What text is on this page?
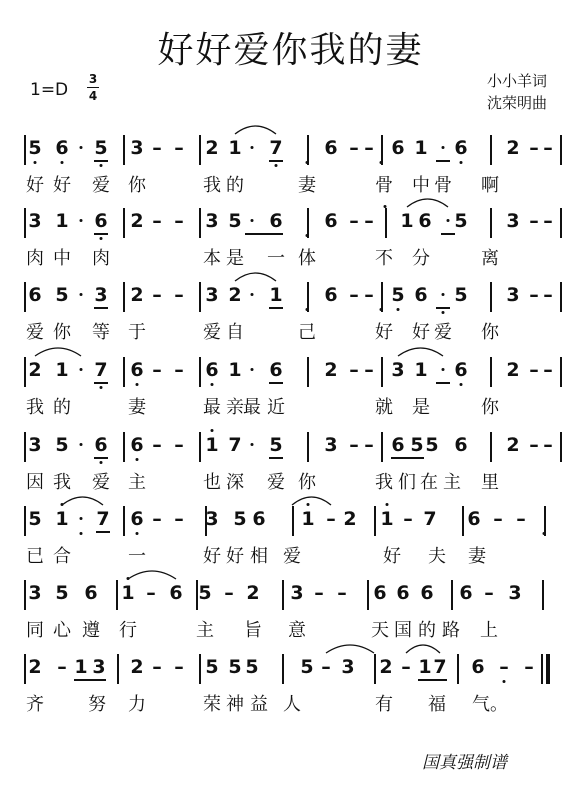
好好爱你我的妻
1=D
3
4
小小羊词
沈荣明曲
5 6 5 3 – – 2 1 7 6 – – 6 1 6 2 – –
好 好 爱 你	我 的	妻	骨 中 骨 啊
3 1 6 2 – – 3 5 6 6 – – 1 6 5 3 – –
肉 中 肉	本 是 一 体	不 分	离
6 5 3 2 – – 3 2 1 6 – – 5 6 5 3 – –
爱 你 等 于	爱 自	己	好 好 爱 你
2 1 7 6 – – 6 1 6 2 – – 3 1 6 2 – –
我 的	妻	最 亲 最 近	就 是	你
3 5 6 6 – – 1 7 5 3 – – 6 5 5 6 2 – –
因 我 爱 主	也 深 爱 你	我 们 在 主 里
5 1 7 6 – – 3 5 6 1 – 2 1 – 7 6 – –
已 合	一	好 好 相 爱	好 夫 妻
3 5 6 1 – 6 5 – 2 3 – – 6 6 6 6 – 3
同 心 遵 行	主 旨 意	天 国 的 路 上
2 – 1 3 2 – – 5 5 5 5 – 3 2 – 1 7 6 – –
齐 努 力	荣 神 益 人	有 福 气。
国真强制谱
